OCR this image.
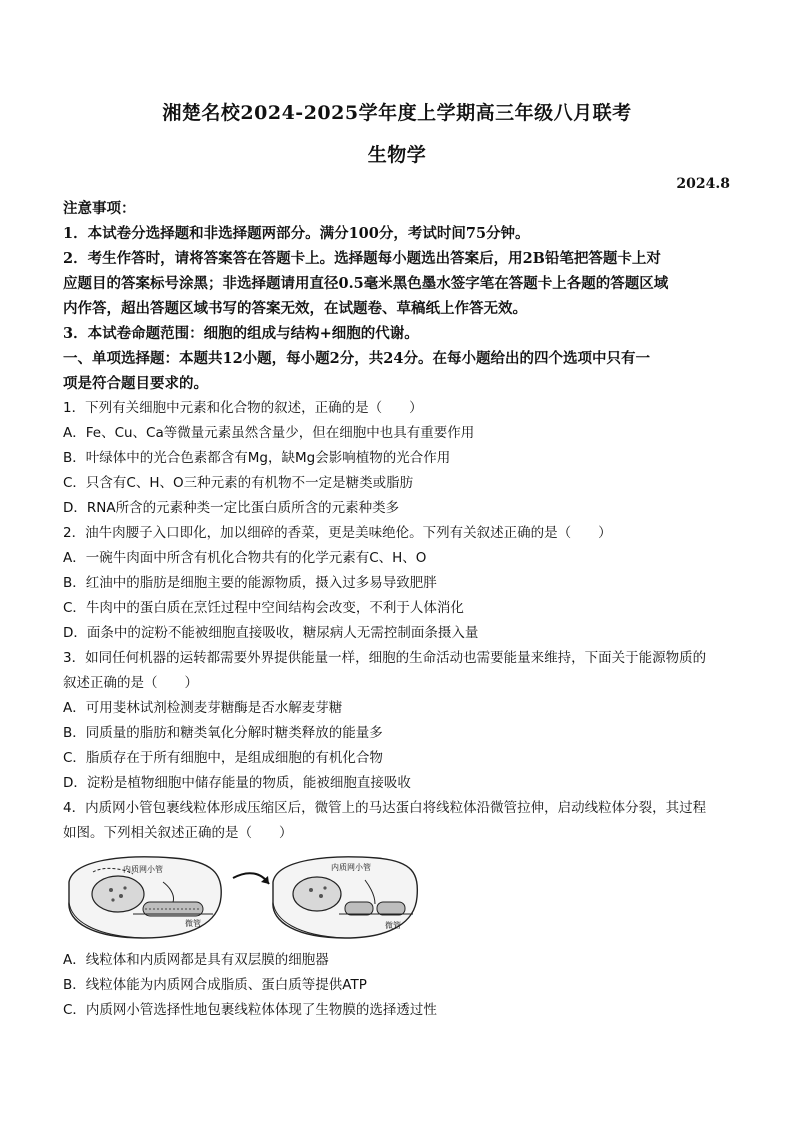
湘楚名校2024-2025学年度上学期高三年级八月联考
生物学
2024.8
注意事项：
1．本试卷分选择题和非选择题两部分。满分100分，考试时间75分钟。
2．考生作答时，请将答案答在答题卡上。选择题每小题选出答案后，用2B铅笔把答题卡上对
应题目的答案标号涂黑；非选择题请用直径0.5毫米黑色墨水签字笔在答题卡上各题的答题区域
内作答，超出答题区域书写的答案无效，在试题卷、草稿纸上作答无效。
3．本试卷命题范围：细胞的组成与结构+细胞的代谢。
一、单项选择题：本题共12小题，每小题2分，共24分。在每小题给出的四个选项中只有一
项是符合题目要求的。
1．下列有关细胞中元素和化合物的叙述，正确的是（　　）
A．Fe、Cu、Ca等微量元素虽然含量少，但在细胞中也具有重要作用
B．叶绿体中的光合色素都含有Mg，缺Mg会影响植物的光合作用
C．只含有C、H、O三种元素的有机物不一定是糖类或脂肪
D．RNA所含的元素种类一定比蛋白质所含的元素种类多
2．油牛肉腰子入口即化，加以细碎的香菜，更是美味绝伦。下列有关叙述正确的是（　　）
A．一碗牛肉面中所含有机化合物共有的化学元素有C、H、O
B．红油中的脂肪是细胞主要的能源物质，摄入过多易导致肥胖
C．牛肉中的蛋白质在烹饪过程中空间结构会改变，不利于人体消化
D．面条中的淀粉不能被细胞直接吸收，糖尿病人无需控制面条摄入量
3．如同任何机器的运转都需要外界提供能量一样，细胞的生命活动也需要能量来维持，下面关于能源物质的
叙述正确的是（　　）
A．可用斐林试剂检测麦芽糖酶是否水解麦芽糖
B．同质量的脂肪和糖类氧化分解时糖类释放的能量多
C．脂质存在于所有细胞中，是组成细胞的有机化合物
D．淀粉是植物细胞中储存能量的物质，能被细胞直接吸收
4．内质网小管包裹线粒体形成压缩区后，微管上的马达蛋白将线粒体沿微管拉伸，启动线粒体分裂，其过程
如图。下列相关叙述正确的是（　　）
内质网小管
微管
内质网小管
微管
A．线粒体和内质网都是具有双层膜的细胞器
B．线粒体能为内质网合成脂质、蛋白质等提供ATP
C．内质网小管选择性地包裹线粒体体现了生物膜的选择透过性
